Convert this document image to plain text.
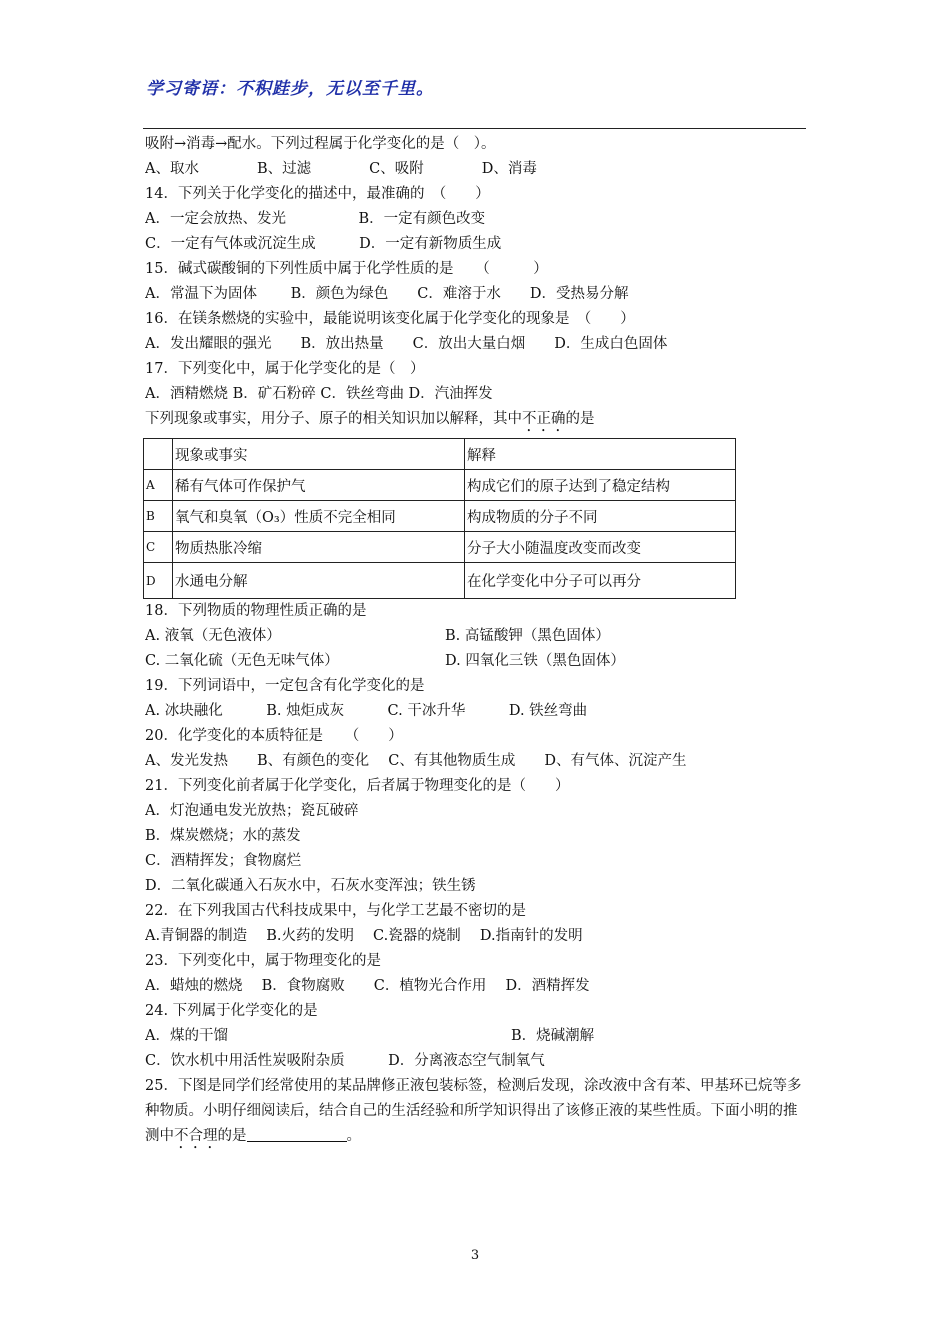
学习寄语：不积跬步，无以至千里。
吸附→消毒→配水。下列过程属于化学变化的是（　）。
A、取水　　　　B、过滤　　　　C、吸附　　　　D、消毒
14．下列关于化学变化的描述中，最准确的　（　　）
A．一定会放热、发光　　　　　B．一定有颜色改变
C．一定有气体或沉淀生成　　　D．一定有新物质生成
15．碱式碳酸铜的下列性质中属于化学性质的是　　（　　　）
A．常温下为固体　　 B．颜色为绿色　　C．难溶于水　　D．受热易分解
16．在镁条燃烧的实验中，最能说明该变化属于化学变化的现象是　（　　）
A．发出耀眼的强光　　B．放出热量　　C．放出大量白烟　　D．生成白色固体
17．下列变化中，属于化学变化的是（　）
A．酒精燃烧 B．矿石粉碎 C．铁丝弯曲 D．汽油挥发
下列现象或事实，用分子、原子的相关知识加以解释，其中不正确的是
	现象或事实	解释
A	稀有气体可作保护气	构成它们的原子达到了稳定结构
B	氧气和臭氧（O₃）性质不完全相同	构成物质的分子不同
C	物质热胀冷缩	分子大小随温度改变而改变
D	水通电分解	在化学变化中分子可以再分
18．下列物质的物理性质正确的是
A. 液氧（无色液体）	B. 高锰酸钾（黑色固体）
C. 二氧化硫（无色无味气体）	D. 四氧化三铁（黑色固体）
19．下列词语中，一定包含有化学变化的是
A. 冰块融化　　　B. 烛炬成灰　　　C. 干冰升华　　　D. 铁丝弯曲
20．化学变化的本质特征是　　（　　）
A、发光发热　　B、有颜色的变化　 C、有其他物质生成　　D、有气体、沉淀产生
21．下列变化前者属于化学变化，后者属于物理变化的是（　　）
A．灯泡通电发光放热；瓷瓦破碎
B．煤炭燃烧；水的蒸发
C．酒精挥发；食物腐烂
D．二氧化碳通入石灰水中，石灰水变浑浊；铁生锈
22．在下列我国古代科技成果中，与化学工艺最不密切的是
A.青铜器的制造　 B.火药的发明　 C.瓷器的烧制　 D.指南针的发明
23．下列变化中，属于物理变化的是
A．蜡烛的燃烧　 B．食物腐败　　C．植物光合作用　 D．酒精挥发
24. 下列属于化学变化的是
A．煤的干馏	B．烧碱潮解
C．饮水机中用活性炭吸附杂质　　　D．分离液态空气制氧气
25．下图是同学们经常使用的某品牌修正液包装标签，检测后发现，涂改液中含有苯、甲基环已烷等多种物质。小明仔细阅读后，结合自己的生活经验和所学知识得出了该修正液的某些性质。下面小明的推测中不合理的是	。
3
